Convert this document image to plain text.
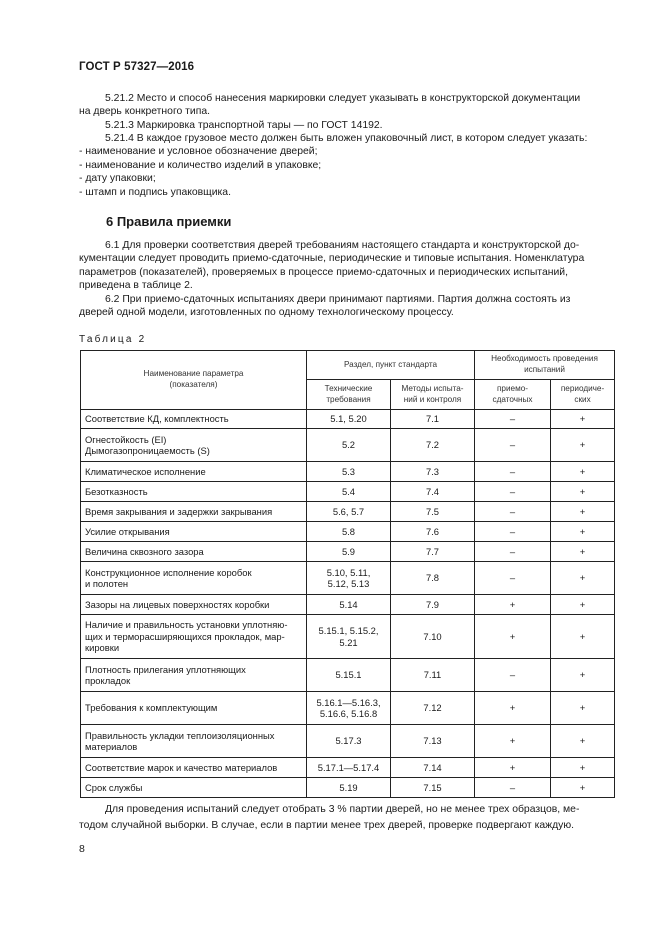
ГОСТ Р 57327—2016
5.21.2 Место и способ нанесения маркировки следует указывать в конструкторской документации
на дверь конкретного типа.
5.21.3 Маркировка транспортной тары — по ГОСТ 14192.
5.21.4 В каждое грузовое место должен быть вложен упаковочный лист, в котором следует указать:
- наименование и условное обозначение дверей;
- наименование и количество изделий в упаковке;
- дату упаковки;
- штамп и подпись упаковщика.
6 Правила приемки
6.1 Для проверки соответствия дверей требованиям настоящего стандарта и конструкторской до-
кументации следует проводить приемо-сдаточные, периодические и типовые испытания. Номенклатура
параметров (показателей), проверяемых в процессе приемо-сдаточных и периодических испытаний,
приведена в таблице 2.
6.2 При приемо-сдаточных испытаниях двери принимают партиями. Партия должна состоять из
дверей одной модели, изготовленных по одному технологическому процессу.
Таблица 2
Наименование параметра
(показателя)	Раздел, пункт стандарта		Необходимость проведения
испытаний	
	Технические
требования	Методы испыта-
ний и контроля	приемо-
сдаточных	периодиче-
ских
Соответствие КД, комплектность	5.1, 5.20	7.1	–	+
Огнестойкость (EI)
Дымогазопроницаемость (S)	5.2	7.2	–	+
Климатическое исполнение	5.3	7.3	–	+
Безотказность	5.4	7.4	–	+
Время закрывания и задержки закрывания	5.6, 5.7	7.5	–	+
Усилие открывания	5.8	7.6	–	+
Величина сквозного зазора	5.9	7.7	–	+
Конструкционное исполнение коробок
и полотен	5.10, 5.11,
5.12, 5.13	7.8	–	+
Зазоры на лицевых поверхностях коробки	5.14	7.9	+	+
Наличие и правильность установки уплотняю-
щих и терморасширяющихся прокладок, мар-
кировки	5.15.1, 5.15.2,
5.21	7.10	+	+
Плотность прилегания уплотняющих
прокладок	5.15.1	7.11	–	+
Требования к комплектующим	5.16.1—5.16.3,
5.16.6, 5.16.8	7.12	+	+
Правильность укладки теплоизоляционных
материалов	5.17.3	7.13	+	+
Соответствие марок и качество материалов	5.17.1—5.17.4	7.14	+	+
Срок службы	5.19	7.15	–	+
Для проведения испытаний следует отобрать 3 % партии дверей, но не менее трех образцов, ме-
тодом случайной выборки. В случае, если в партии менее трех дверей, проверке подвергают каждую.
8
